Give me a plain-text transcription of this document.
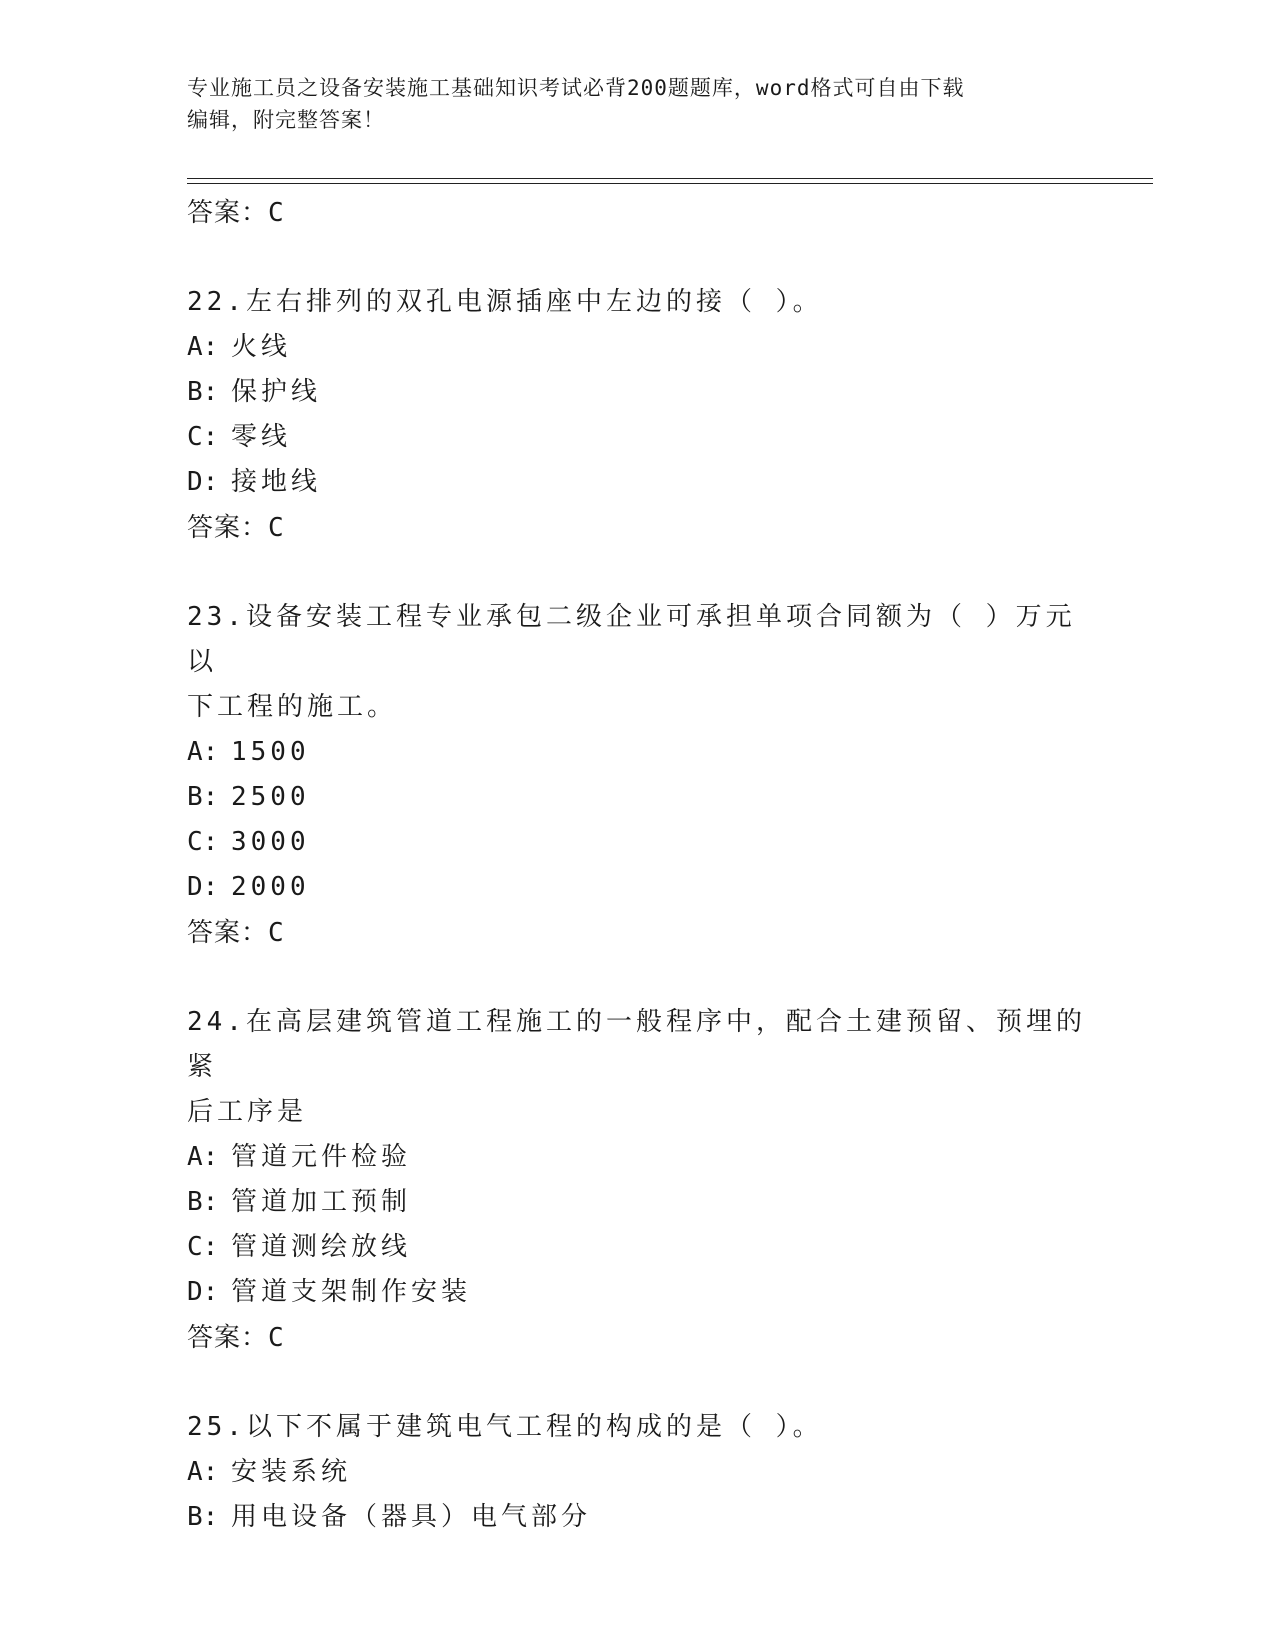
专业施工员之设备安装施工基础知识考试必背200题题库，word格式可自由下载
编辑，附完整答案！
答案：C
22.左右排列的双孔电源插座中左边的接（ ）。
A: 火线
B: 保护线
C: 零线
D: 接地线
答案：C
23.设备安装工程专业承包二级企业可承担单项合同额为（ ）万元以
下工程的施工。
A: 1500
B: 2500
C: 3000
D: 2000
答案：C
24.在高层建筑管道工程施工的一般程序中，配合土建预留、预埋的紧
后工序是
A: 管道元件检验
B: 管道加工预制
C: 管道测绘放线
D: 管道支架制作安装
答案：C
25.以下不属于建筑电气工程的构成的是（ ）。
A: 安装系统
B: 用电设备（器具）电气部分
